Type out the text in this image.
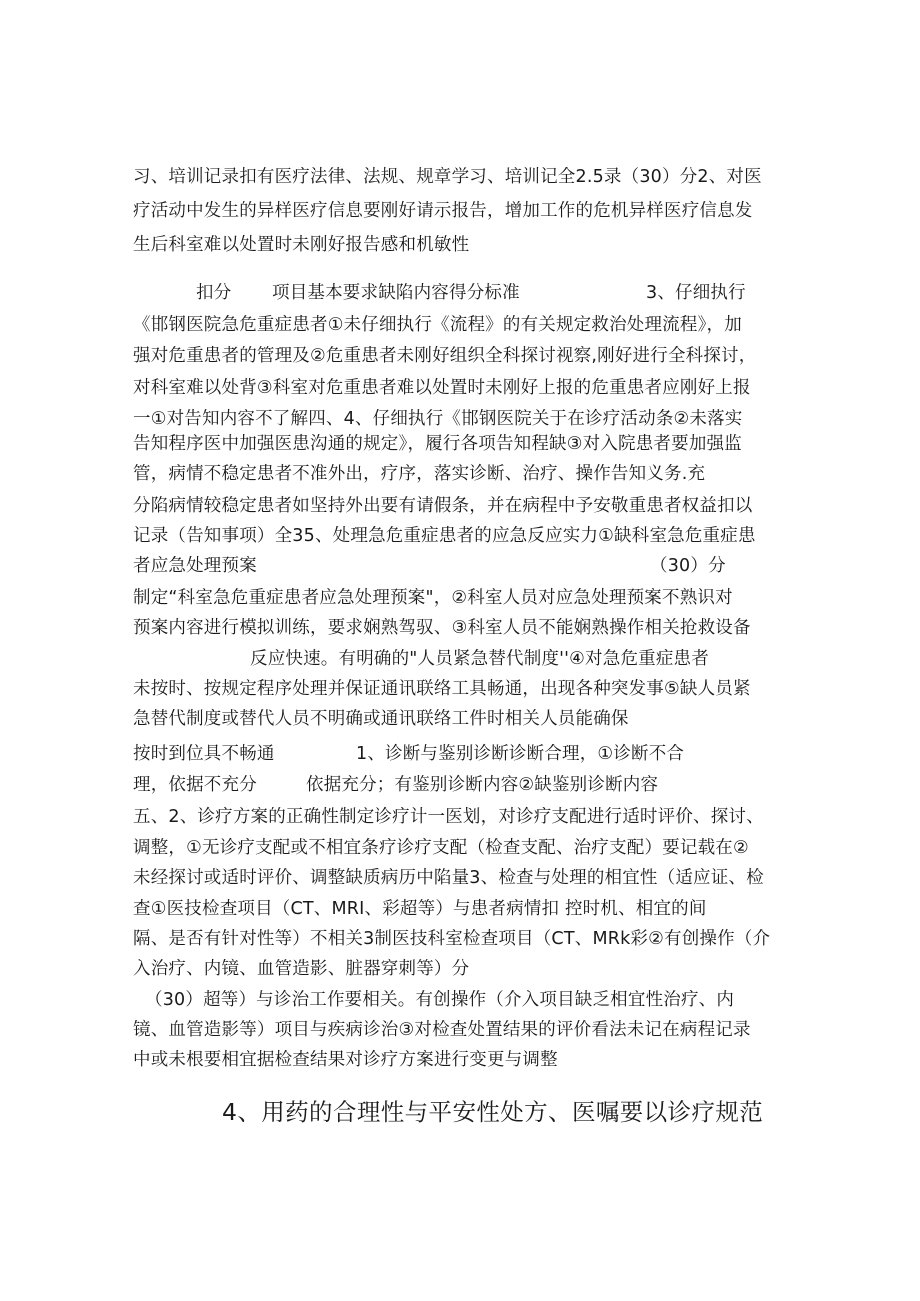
习、培训记录扣有医疗法律、法规、规章学习、培训记全2.5录（30）分2、对医
疗活动中发生的异样医疗信息要刚好请示报告，增加工作的危机异样医疗信息发
生后科室难以处置时未刚好报告感和机敏性
扣分 项目基本要求缺陷内容得分标准	3、仔细执行
《邯钢医院急危重症患者①未仔细执行《流程》的有关规定救治处理流程》，加
强对危重患者的管理及②危重患者未刚好组织全科探讨视察,刚好进行全科探讨，
对科室难以处背③科室对危重患者难以处置时未刚好上报的危重患者应刚好上报
一①对告知内容不了解四、4、仔细执行《邯钢医院关于在诊疗活动条②未落实
告知程序医中加强医患沟通的规定》，履行各项告知程缺③对入院患者要加强监
管，病情不稳定患者不准外出，疗序，落实诊断、治疗、操作告知义务.充
分陷病情较稳定患者如坚持外出要有请假条，并在病程中予安敬重患者权益扣以
记录（告知事项）全35、处理急危重症患者的应急反应实力①缺科室急危重症患
者应急处理预案	（30）分
制定“科室急危重症患者应急处理预案"，②科室人员对应急处理预案不熟识对
预案内容进行模拟训练，要求娴熟驾驭、③科室人员不能娴熟操作相关抢救设备
反应快速。有明确的"人员紧急替代制度''④对急危重症患者
未按时、按规定程序处理并保证通讯联络工具畅通，出现各种突发事⑤缺人员紧
急替代制度或替代人员不明确或通讯联络工件时相关人员能确保
按时到位具不畅通	1、诊断与鉴别诊断诊断合理，①诊断不合
理，依据不充分	依据充分；有鉴别诊断内容②缺鉴别诊断内容
五、2、诊疗方案的正确性制定诊疗计一医划，对诊疗支配进行适时评价、探讨、
调整，①无诊疗支配或不相宜条疗诊疗支配（检查支配、治疗支配）要记载在②
未经探讨或适时评价、调整缺质病历中陷量3、检查与处理的相宜性（适应证、检
查①医技检查项目（CT、MRI、彩超等）与患者病情扣 控时机、相宜的间
隔、是否有针对性等）不相关3制医技科室检查项目（CT、MRk彩②有创操作（介
入治疗、内镜、血管造影、脏器穿刺等）分
（30）超等）与诊治工作要相关。有创操作（介入项目缺乏相宜性治疗、内
镜、血管造影等）项目与疾病诊治③对检查处置结果的评价看法未记在病程记录
中或未根要相宜据检查结果对诊疗方案进行变更与调整
4、用药的合理性与平安性处方、医嘱要以诊疗规范
